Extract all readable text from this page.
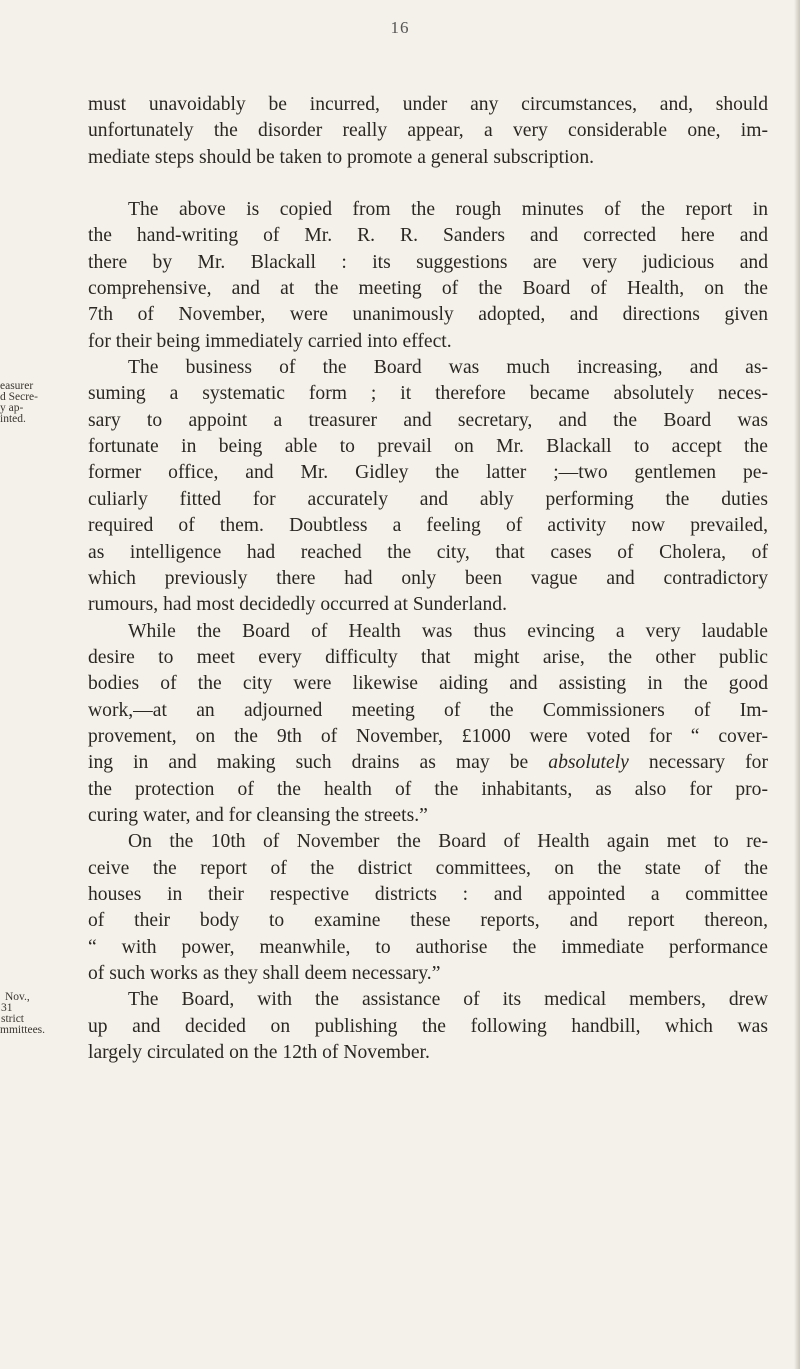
16
easurer
d Secre-
y ap-
inted.
Nov.,
31
strict
mmittees.
must unavoidably be incurred, under any circumstances, and, should
unfortunately the disorder really appear, a very considerable one, im-
mediate steps should be taken to promote a general subscription.
The above is copied from the rough minutes of the report in
the hand-writing of Mr. R. R. Sanders and corrected here and
there by Mr. Blackall : its suggestions are very judicious and
comprehensive, and at the meeting of the Board of Health, on the
7th of November, were unanimously adopted, and directions given
for their being immediately carried into effect.
The business of the Board was much increasing, and as-
suming a systematic form ; it therefore became absolutely neces-
sary to appoint a treasurer and secretary, and the Board was
fortunate in being able to prevail on Mr. Blackall to accept the
former office, and Mr. Gidley the latter ;—two gentlemen pe-
culiarly fitted for accurately and ably performing the duties
required of them. Doubtless a feeling of activity now prevailed,
as intelligence had reached the city, that cases of Cholera, of
which previously there had only been vague and contradictory
rumours, had most decidedly occurred at Sunderland.
While the Board of Health was thus evincing a very laudable
desire to meet every difficulty that might arise, the other public
bodies of the city were likewise aiding and assisting in the good
work,—at an adjourned meeting of the Commissioners of Im-
provement, on the 9th of November, £1000 were voted for “ cover-
ing in and making such drains as may be absolutely necessary for
the protection of the health of the inhabitants, as also for pro-
curing water, and for cleansing the streets.”
On the 10th of November the Board of Health again met to re-
ceive the report of the district committees, on the state of the
houses in their respective districts : and appointed a committee
of their body to examine these reports, and report thereon,
“ with power, meanwhile, to authorise the immediate performance
of such works as they shall deem necessary.”
The Board, with the assistance of its medical members, drew
up and decided on publishing the following handbill, which was
largely circulated on the 12th of November.
